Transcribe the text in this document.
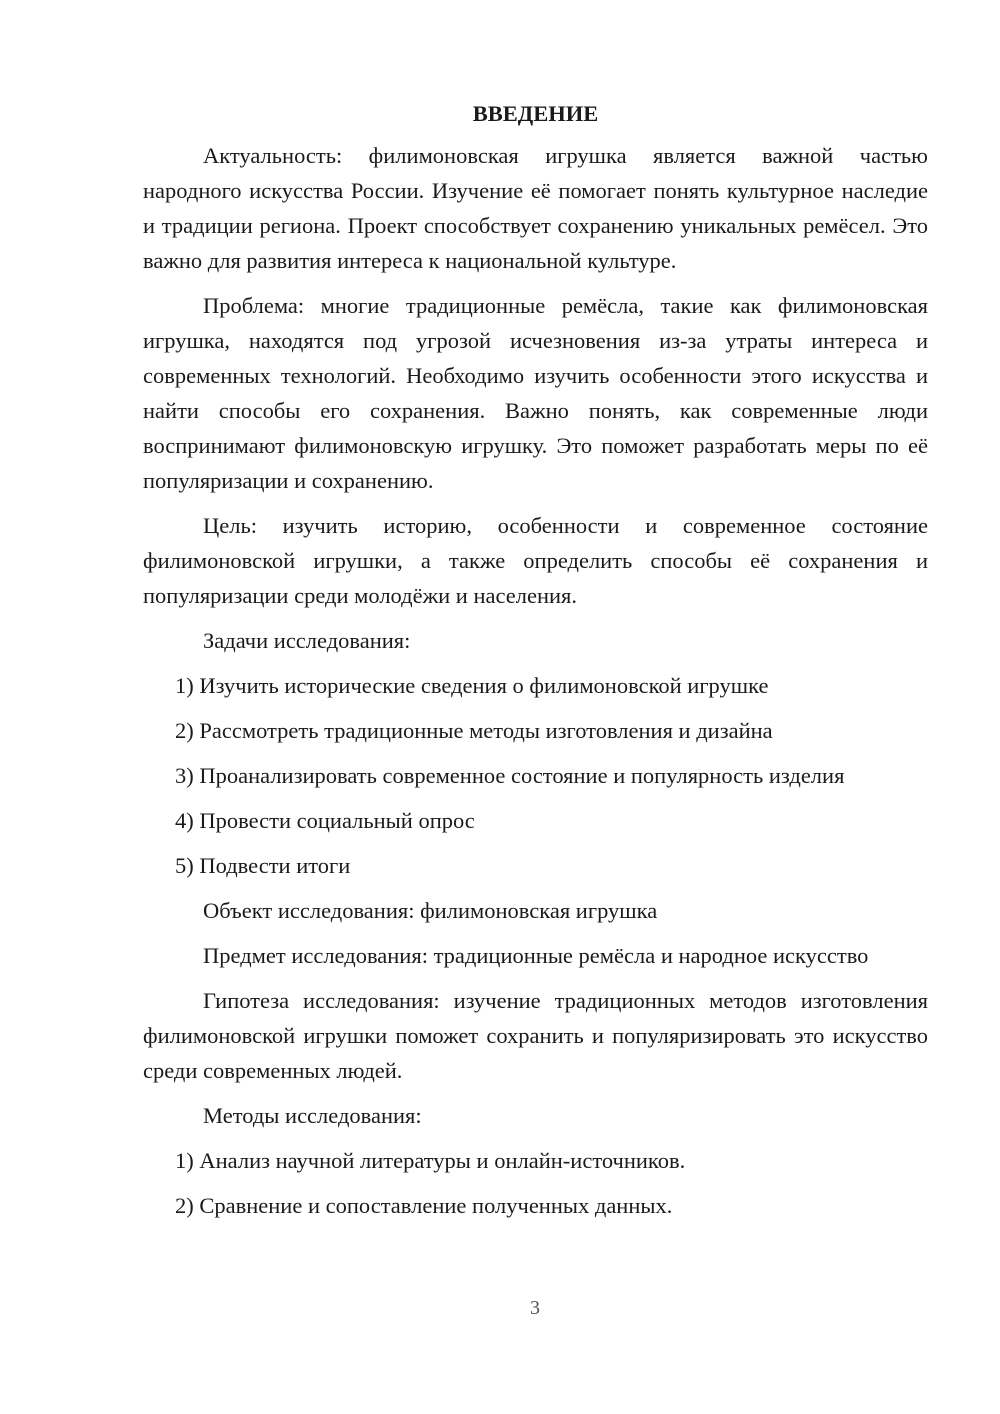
ВВЕДЕНИЕ

Актуальность: филимоновская игрушка является важной частью народного искусства России. Изучение её помогает понять культурное наследие и традиции региона. Проект способствует сохранению уникальных ремёсел. Это важно для развития интереса к национальной культуре.

Проблема: многие традиционные ремёсла, такие как филимоновская игрушка, находятся под угрозой исчезновения из-за утраты интереса и современных технологий. Необходимо изучить особенности этого искусства и найти способы его сохранения. Важно понять, как современные люди воспринимают филимоновскую игрушку. Это поможет разработать меры по её популяризации и сохранению.

Цель: изучить историю, особенности и современное состояние филимоновской игрушки, а также определить способы её сохранения и популяризации среди молодёжи и населения.

Задачи исследования:
1) Изучить исторические сведения о филимоновской игрушке
2) Рассмотреть традиционные методы изготовления и дизайна
3) Проанализировать современное состояние и популярность изделия
4) Провести социальный опрос
5) Подвести итоги
Объект исследования: филимоновская игрушка

Предмет исследования: традиционные ремёсла и народное искусство

Гипотеза исследования: изучение традиционных методов изготовления филимоновской игрушки поможет сохранить и популяризировать это искусство среди современных людей.

Методы исследования:
1) Анализ научной литературы и онлайн-источников.
2) Сравнение и сопоставление полученных данных.
3
